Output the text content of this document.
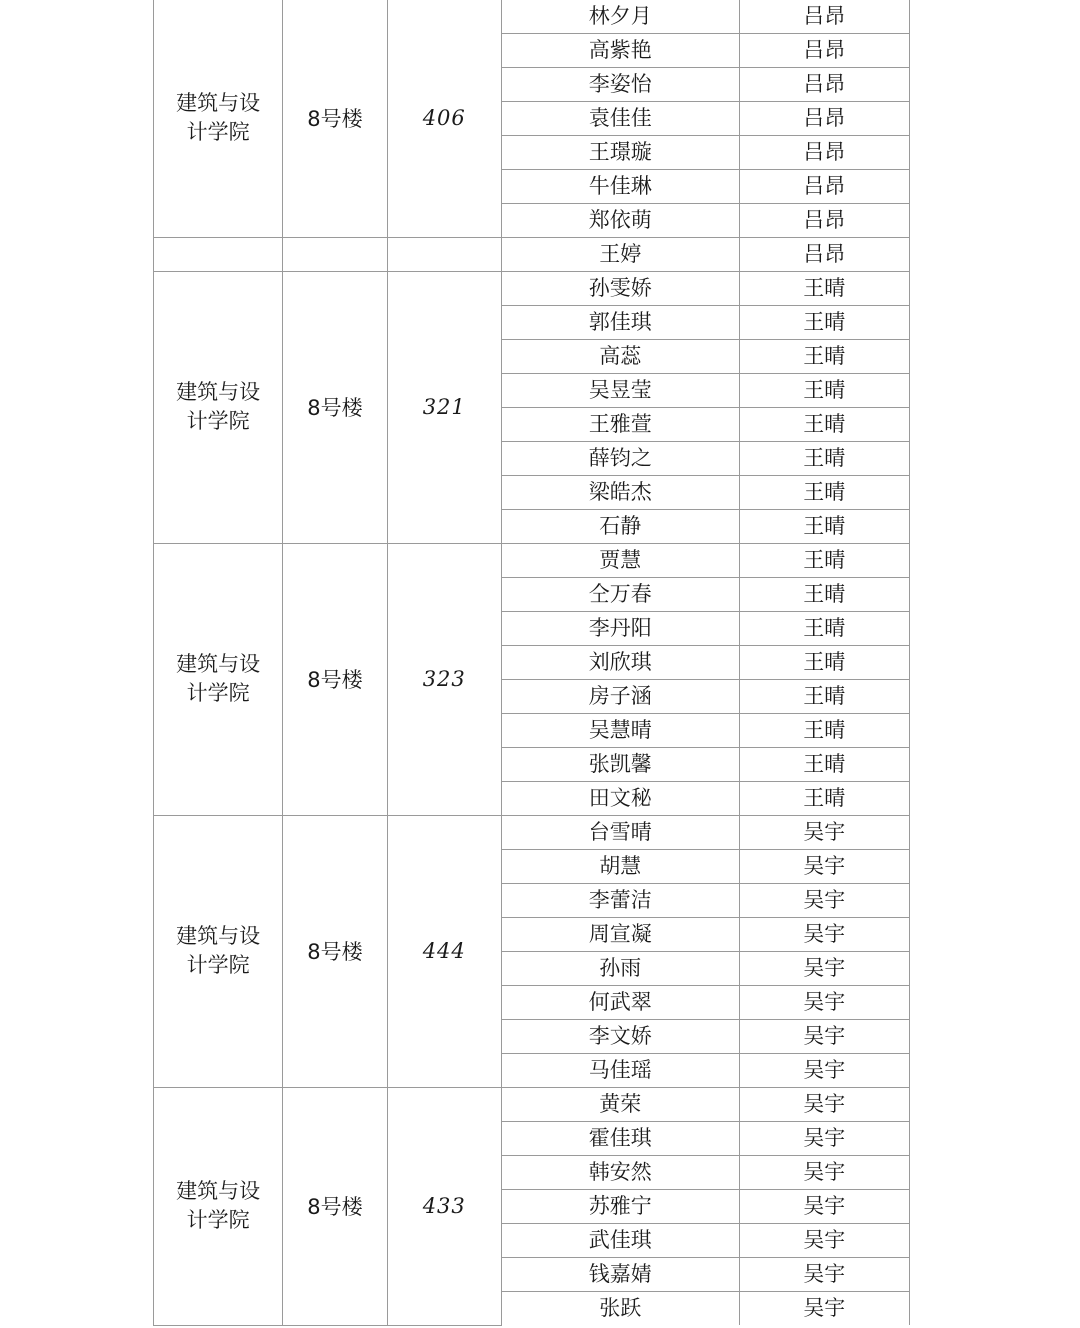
建筑与设计学院	8号楼	406	林夕月	吕昂
			高紫艳	吕昂
			李姿怡	吕昂
			袁佳佳	吕昂
			王璟璇	吕昂
			牛佳琳	吕昂
			郑依萌	吕昂

			王婷	吕昂

建筑与设计学院	8号楼	321	孙雯娇	王晴
			郭佳琪	王晴
			高蕊	王晴
			吴昱莹	王晴
			王雅萱	王晴
			薛钧之	王晴
			梁皓杰	王晴
			石静	王晴

建筑与设计学院	8号楼	323	贾慧	王晴
			仝万春	王晴
			李丹阳	王晴
			刘欣琪	王晴
			房子涵	王晴
			吴慧晴	王晴
			张凯馨	王晴
			田文秘	王晴

建筑与设计学院	8号楼	444	台雪晴	吴宇
			胡慧	吴宇
			李蕾洁	吴宇
			周宣凝	吴宇
			孙雨	吴宇
			何武翠	吴宇
			李文娇	吴宇
			马佳瑶	吴宇

建筑与设计学院	8号楼	433	黄荣	吴宇
			霍佳琪	吴宇
			韩安然	吴宇
			苏雅宁	吴宇
			武佳琪	吴宇
			钱嘉婧	吴宇
			张跃	吴宇
